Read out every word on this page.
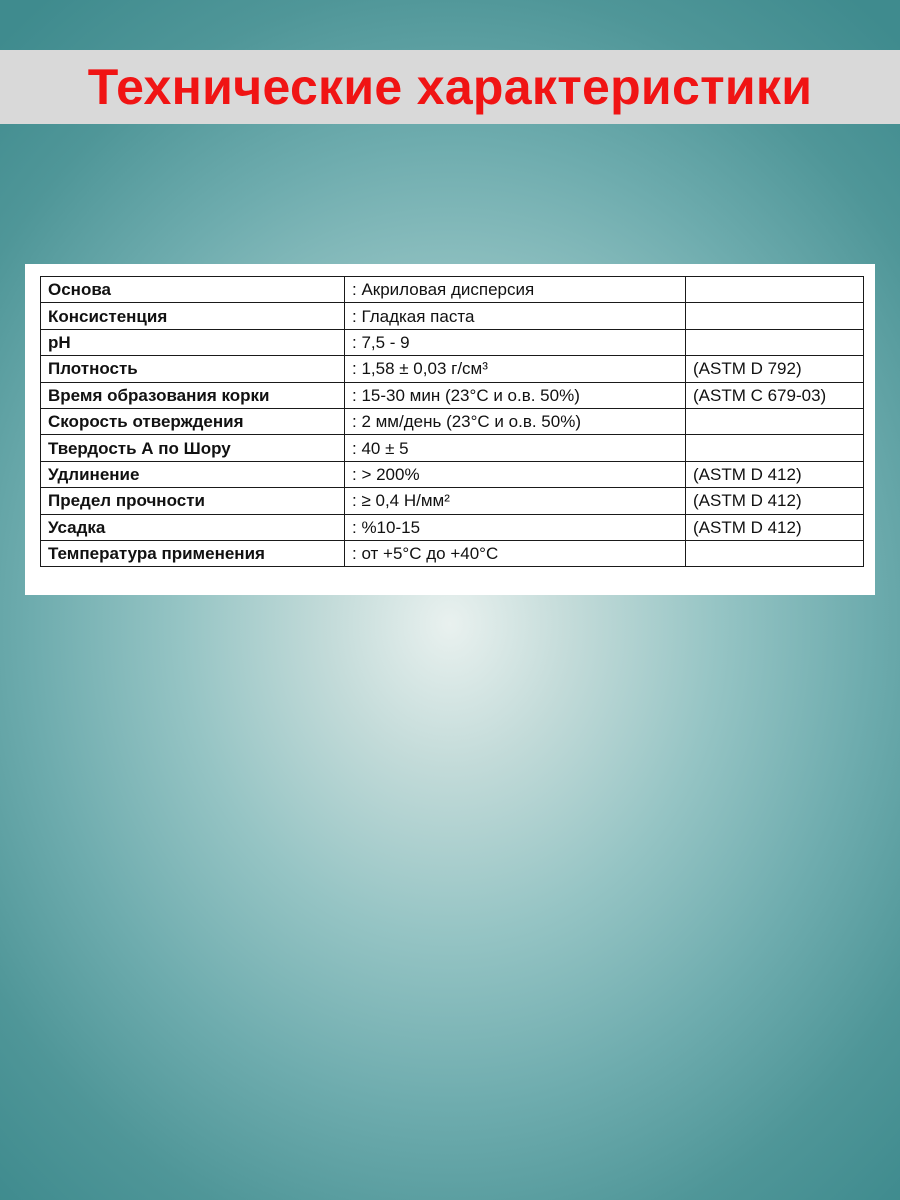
Технические характеристики
Основа	: Акриловая дисперсия	
Консистенция	: Гладкая паста	
pH	: 7,5 - 9	
Плотность	: 1,58 ± 0,03 г/см³	(ASTM D 792)
Время образования корки	: 15-30 мин (23°C и о.в. 50%)	(ASTM C 679-03)
Скорость отверждения	: 2 мм/день (23°C и о.в. 50%)	
Твердость А по Шору	: 40 ± 5	
Удлинение	: > 200%	(ASTM D 412)
Предел прочности	: ≥ 0,4 Н/мм²	(ASTM D 412)
Усадка	: %10-15	(ASTM D 412)
Температура применения	: от +5°C до +40°C	
